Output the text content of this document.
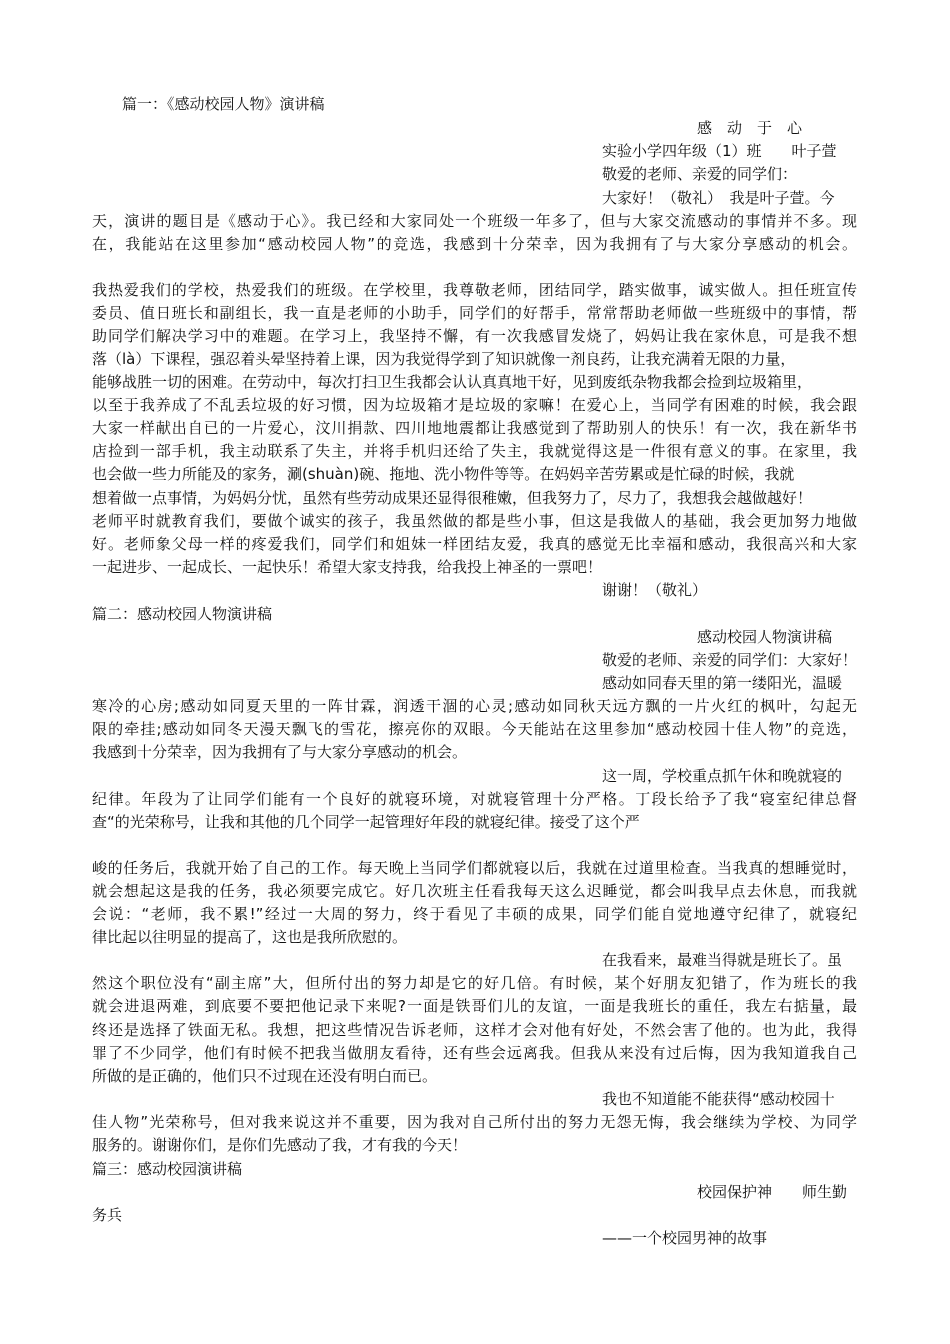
篇一：《感动校园人物》演讲稿
感　动　于　心
实验小学四年级（1）班　　叶子萱
敬爱的老师、亲爱的同学们：
大家好！（敬礼）　我是叶子萱。今
天，演讲的题目是《感动于心》。我已经和大家同处一个班级一年多了，但与大家交流感动的事情并不多。现
在，我能站在这里参加“感动校园人物”的竞选，我感到十分荣幸，因为我拥有了与大家分享感动的机会。
我热爱我们的学校，热爱我们的班级。在学校里，我尊敬老师，团结同学，踏实做事，诚实做人。担任班宣传
委员、值日班长和副组长，我一直是老师的小助手，同学们的好帮手，常常帮助老师做一些班级中的事情，帮
助同学们解决学习中的难题。在学习上，我坚持不懈，有一次我感冒发烧了，妈妈让我在家休息，可是我不想
落（là）下课程，强忍着头晕坚持着上课，因为我觉得学到了知识就像一剂良药，让我充满着无限的力量，
能够战胜一切的困难。在劳动中，每次打扫卫生我都会认认真真地干好，见到废纸杂物我都会捡到垃圾箱里，
以至于我养成了不乱丢垃圾的好习惯，因为垃圾箱才是垃圾的家嘛！在爱心上，当同学有困难的时候，我会跟
大家一样献出自已的一片爱心，汶川捐款、四川地地震都让我感觉到了帮助别人的快乐！有一次，我在新华书
店捡到一部手机，我主动联系了失主，并将手机归还给了失主，我就觉得这是一件很有意义的事。在家里，我
也会做一些力所能及的家务，涮(shuàn)碗、拖地、洗小物件等等。在妈妈辛苦劳累或是忙碌的时候，我就
想着做一点事情，为妈妈分忧，虽然有些劳动成果还显得很稚嫩，但我努力了，尽力了，我想我会越做越好！
老师平时就教育我们，要做个诚实的孩子，我虽然做的都是些小事，但这是我做人的基础，我会更加努力地做
好。老师象父母一样的疼爱我们，同学们和姐妹一样团结友爱，我真的感觉无比幸福和感动，我很高兴和大家
一起进步、一起成长、一起快乐！希望大家支持我，给我投上神圣的一票吧！
谢谢！（敬礼）
篇二：感动校园人物演讲稿
感动校园人物演讲稿
敬爱的老师、亲爱的同学们：大家好！
感动如同春天里的第一缕阳光，温暖
寒冷的心房;感动如同夏天里的一阵甘霖，润透干涸的心灵;感动如同秋天远方飘的一片火红的枫叶，勾起无
限的牵挂;感动如同冬天漫天飘飞的雪花，擦亮你的双眼。今天能站在这里参加“感动校园十佳人物”的竞选，
我感到十分荣幸，因为我拥有了与大家分享感动的机会。
这一周，学校重点抓午休和晚就寝的
纪律。年段为了让同学们能有一个良好的就寝环境，对就寝管理十分严格。丁段长给予了我“寝室纪律总督
查“的光荣称号，让我和其他的几个同学一起管理好年段的就寝纪律。接受了这个严
峻的任务后，我就开始了自己的工作。每天晚上当同学们都就寝以后，我就在过道里检查。当我真的想睡觉时，
就会想起这是我的任务，我必须要完成它。好几次班主任看我每天这么迟睡觉，都会叫我早点去休息，而我就
会说：“老师，我不累!”经过一大周的努力，终于看见了丰硕的成果，同学们能自觉地遵守纪律了，就寝纪
律比起以往明显的提高了，这也是我所欣慰的。
在我看来，最难当得就是班长了。虽
然这个职位没有“副主席”大，但所付出的努力却是它的好几倍。有时候，某个好朋友犯错了，作为班长的我
就会进退两难，到底要不要把他记录下来呢?一面是铁哥们儿的友谊，一面是我班长的重任，我左右掂量，最
终还是选择了铁面无私。我想，把这些情况告诉老师，这样才会对他有好处，不然会害了他的。也为此，我得
罪了不少同学，他们有时候不把我当做朋友看待，还有些会远离我。但我从来没有过后悔，因为我知道我自己
所做的是正确的，他们只不过现在还没有明白而已。
我也不知道能不能获得“感动校园十
佳人物”光荣称号，但对我来说这并不重要，因为我对自己所付出的努力无怨无悔，我会继续为学校、为同学
服务的。谢谢你们，是你们先感动了我，才有我的今天！
篇三：感动校园演讲稿
校园保护神　　师生勤
务兵
——一个校园男神的故事
